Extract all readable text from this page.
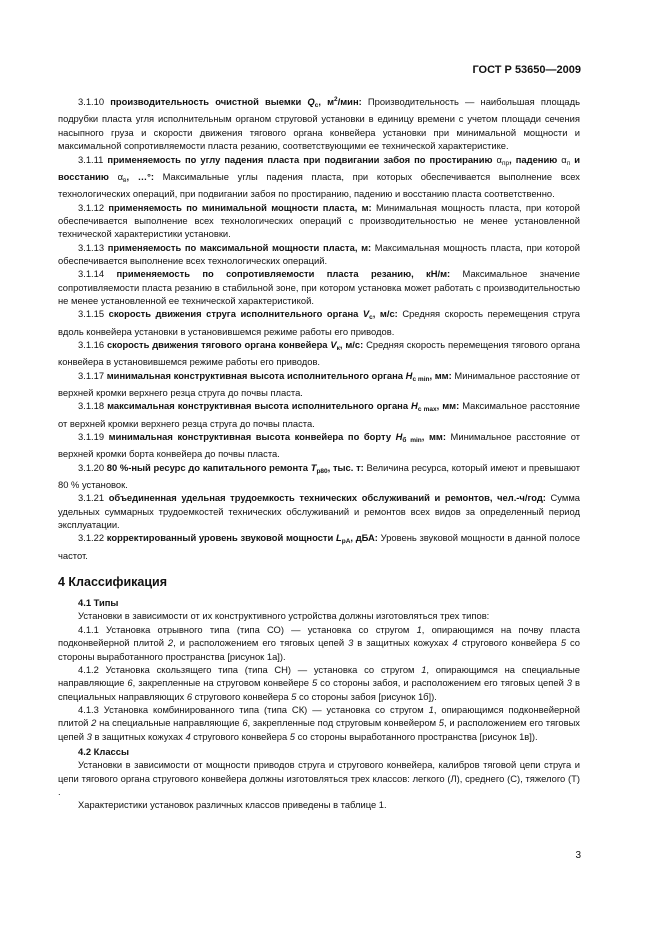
ГОСТ Р 53650—2009

3.1.10 производительность очистной выемки $Q_с$, $м^2$/мин: Производительность — наибольшая площадь подрубки пласта угля исполнительным органом струговой установки в единицу времени с учетом площади сечения насыпного груза и скорости движения тягового органа конвейера установки при минимальной мощности и максимальной сопротивляемости пласта резанию, соответствующими ее технической характеристике.

3.1.11 применяемость по углу падения пласта при подвигании забоя по простиранию $\alpha_{пр}$, падению $\alpha_п$ и восстанию $\alpha_в$, …°: Максимальные углы падения пласта, при которых обеспечивается выполнение всех технологических операций, при подвигании забоя по простиранию, падению и восстанию пласта соответственно.

3.1.12 применяемость по минимальной мощности пласта, м: Минимальная мощность пласта, при которой обеспечивается выполнение всех технологических операций с производительностью не менее установленной технической характеристики установки.

3.1.13 применяемость по максимальной мощности пласта, м: Максимальная мощность пласта, при которой обеспечивается выполнение всех технологических операций.

3.1.14 применяемость по сопротивляемости пласта резанию, кН/м: Максимальное значение сопротивляемости пласта резанию в стабильной зоне, при котором установка может работать с производительностью не менее установленной ее технической характеристикой.

3.1.15 скорость движения струга исполнительного органа $V_с$, м/с: Средняя скорость перемещения струга вдоль конвейера установки в установившемся режиме работы его приводов.

3.1.16 скорость движения тягового органа конвейера $V_к$, м/с: Средняя скорость перемещения тягового органа конвейера в установившемся режиме работы его приводов.

3.1.17 минимальная конструктивная высота исполнительного органа $H_{с min}$, мм: Минимальное расстояние от верхней кромки верхнего резца струга до почвы пласта.

3.1.18 максимальная конструктивная высота исполнительного органа $H_{с max}$, мм: Максимальное расстояние от верхней кромки верхнего резца струга до почвы пласта.

3.1.19 минимальная конструктивная высота конвейера по борту $H_{б min}$, мм: Минимальное расстояние от верхней кромки борта конвейера до почвы пласта.

3.1.20 80 %-ный ресурс до капитального ремонта $T_{р80}$, тыс. т: Величина ресурса, который имеют и превышают 80 % установок.

3.1.21 объединенная удельная трудоемкость технических обслуживаний и ремонтов, чел.-ч/год: Сумма удельных суммарных трудоемкостей технических обслуживаний и ремонтов всех видов за определенный период эксплуатации.

3.1.22 корректированный уровень звуковой мощности $L_{pA}$, дБА: Уровень звуковой мощности в данной полосе частот.

4 Классификация

4.1 Типы

Установки в зависимости от их конструктивного устройства должны изготовляться трех типов:

4.1.1 Установка отрывного типа (типа СО) — установка со стругом 1, опирающимся на почву пласта подконвейерной плитой 2, и расположением его тяговых цепей 3 в защитных кожухах 4 стругового конвейера 5 со стороны выработанного пространства [рисунок 1а]).

4.1.2 Установка скользящего типа (типа СН) — установка со стругом 1, опирающимся на специальные направляющие 6, закрепленные на струговом конвейере 5 со стороны забоя, и расположением его тяговых цепей 3 в специальных направляющих 6 стругового конвейера 5 со стороны забоя [рисунок 1б]).

4.1.3 Установка комбинированного типа (типа СК) — установка со стругом 1, опирающимся подконвейерной плитой 2 на специальные направляющие 6, закрепленные под струговым конвейером 5, и расположением его тяговых цепей 3 в защитных кожухах 4 стругового конвейера 5 со стороны выработанного пространства [рисунок 1в]).

4.2 Классы

Установки в зависимости от мощности приводов струга и стругового конвейера, калибров тяговой цепи струга и цепи тягового органа стругового конвейера должны изготовляться трех классов: легкого (Л), среднего (С), тяжелого (Т) .

Характеристики установок различных классов приведены в таблице 1.

3
